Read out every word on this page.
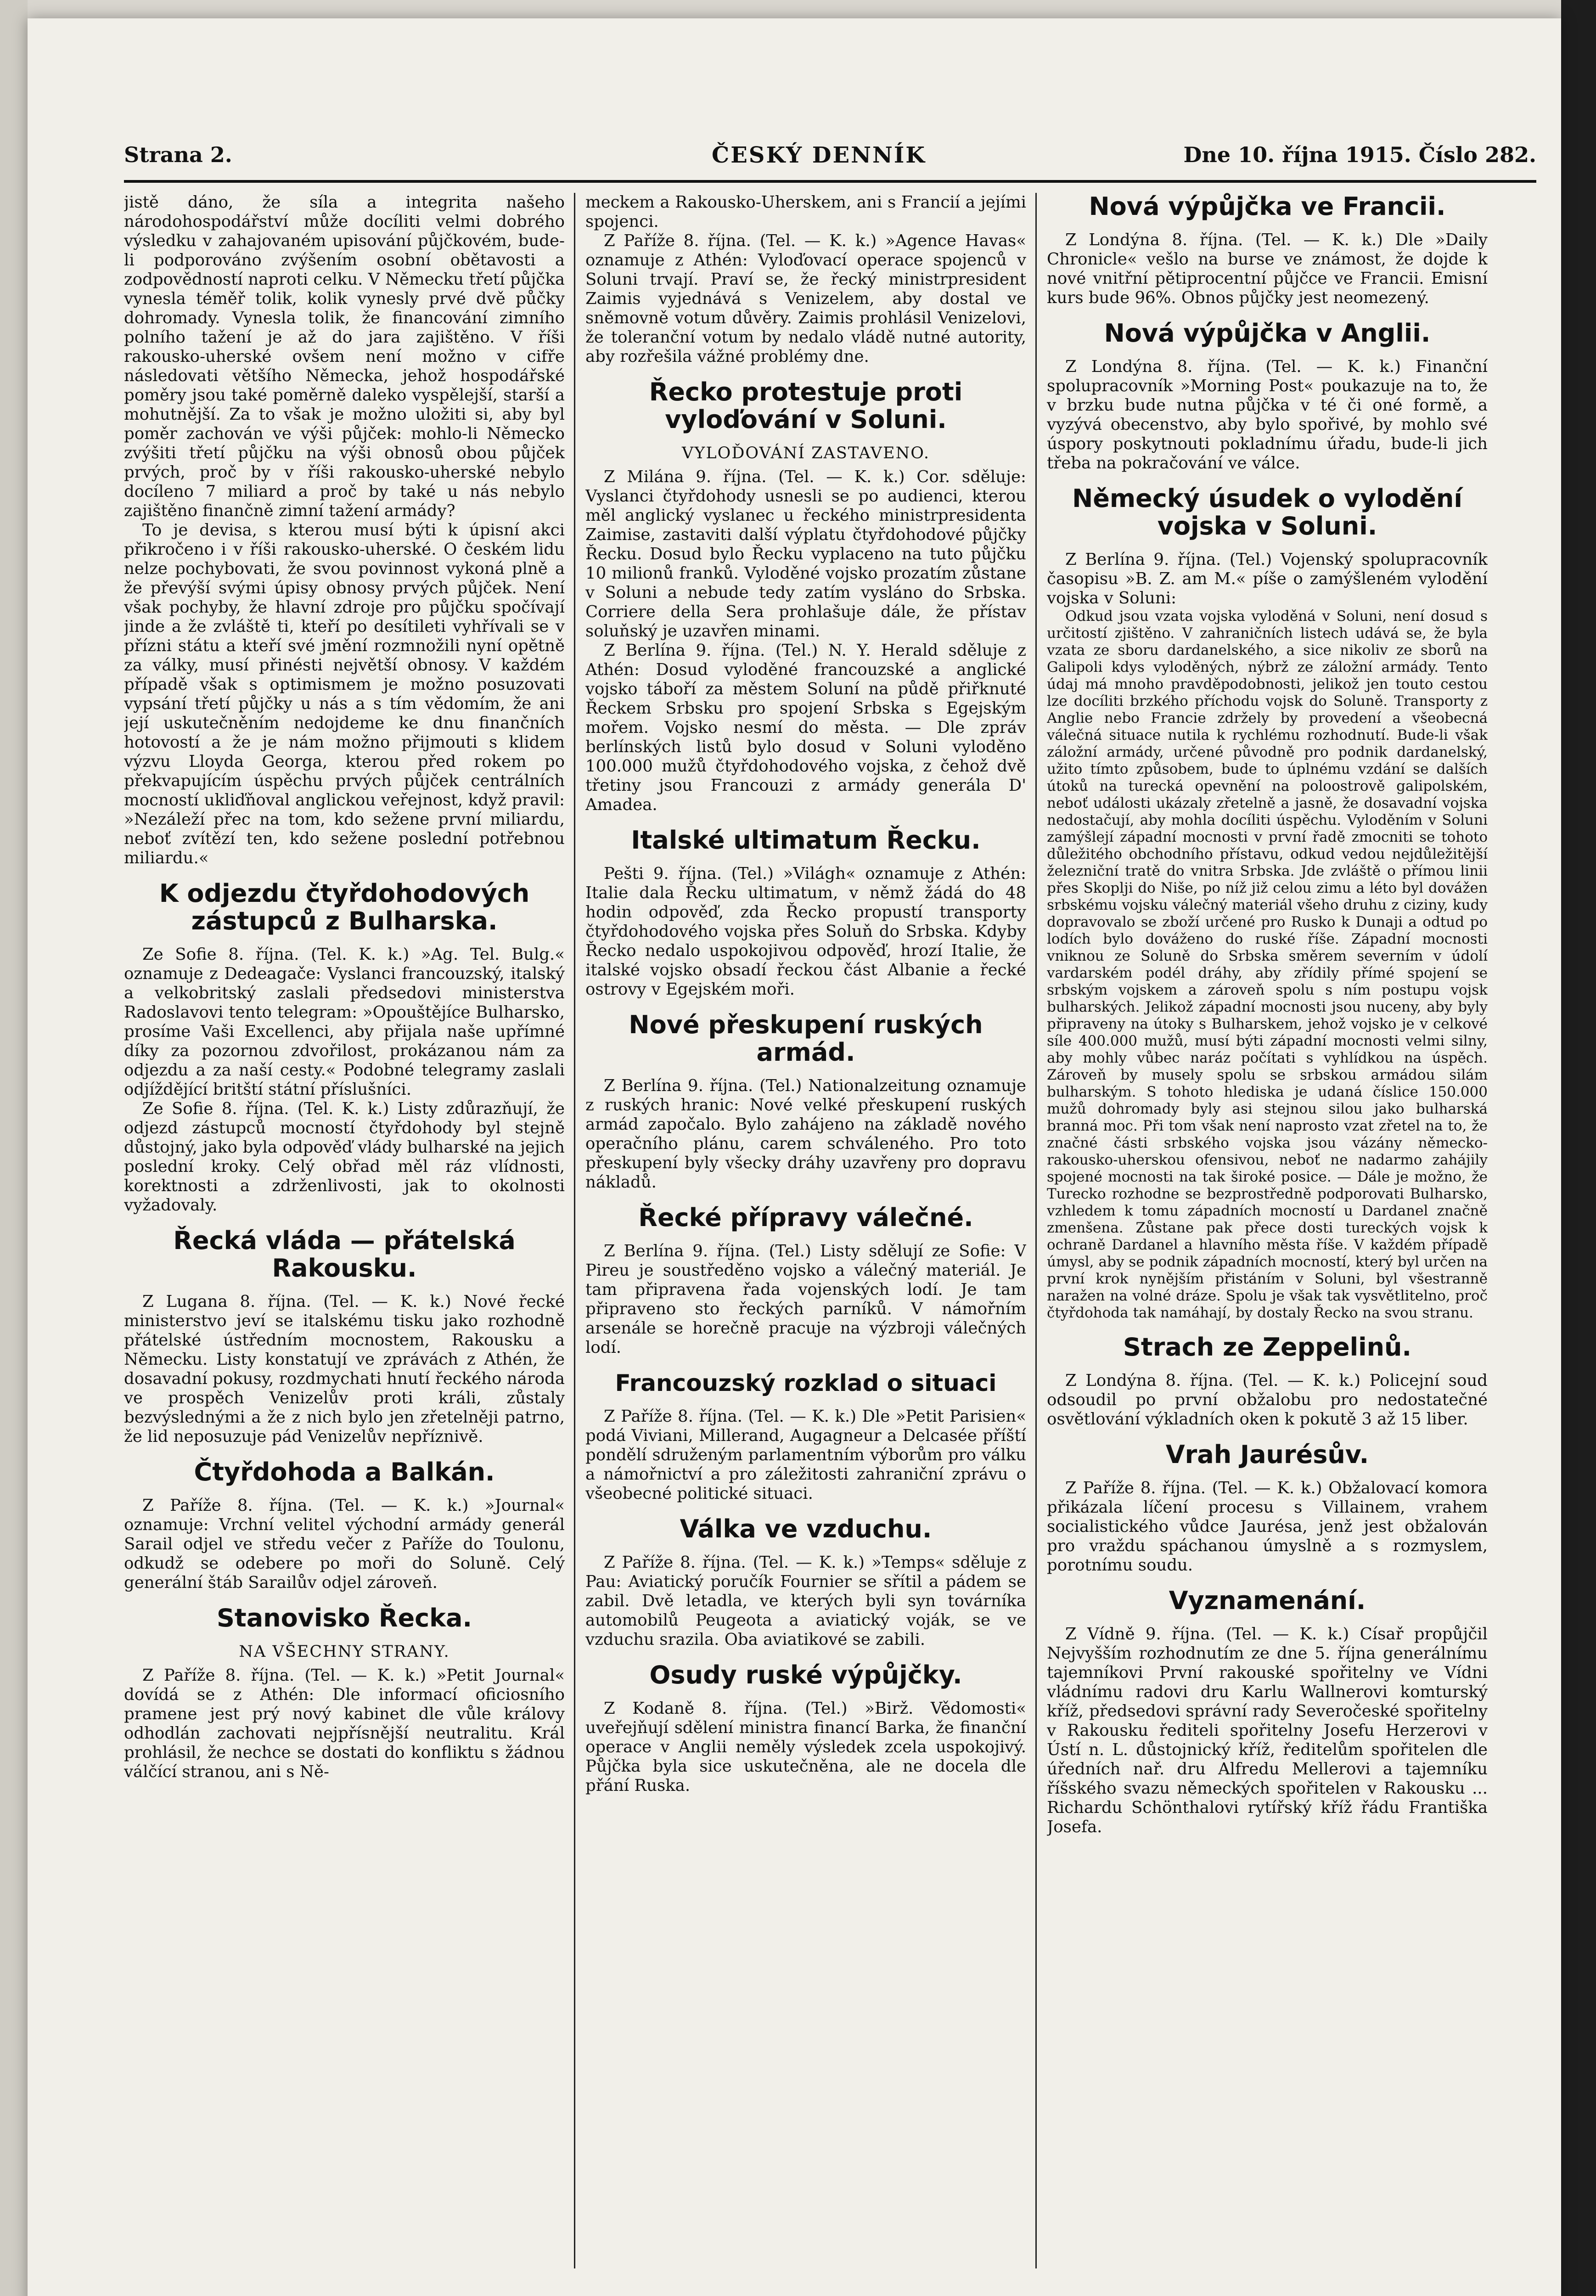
Strana 2.	ČESKÝ DENNÍK	Dne 10. října 1915. Číslo 282.

jistě dáno, že síla a integrita našeho národohospodářství může docíliti velmi dobrého výsledku v zahajovaném upisování půjčkovém, bude-li podporováno zvýšením osobní obětavosti a zodpovědností naproti celku. V Německu třetí půjčka vynesla téměř tolik, kolik vynesly prvé dvě půčky dohromady. Vynesla tolik, že financování zimního polního tažení je až do jara zajištěno. V říši rakousko-uherské ovšem není možno v cifře následovati většího Německa, jehož hospodářské poměry jsou také poměrně daleko vyspělejší, starší a mohutnější. Za to však je možno uložiti si, aby byl poměr zachován ve výši půjček: mohlo-li Německo zvýšiti třetí půjčku na výši obnosů obou půjček prvých, proč by v říši rakousko-uherské nebylo docíleno 7 miliard a proč by také u nás nebylo zajištěno finančně zimní tažení armády?

To je devisa, s kterou musí býti k úpisní akci přikročeno i v říši rakousko-uherské. O českém lidu nelze pochybovati, že svou povinnost vykoná plně a že převýší svými úpisy obnosy prvých půjček. Není však pochyby, že hlavní zdroje pro půjčku spočívají jinde a že zvláště ti, kteří po desítileti vyhřívali se v přízni státu a kteří své jmění rozmnožili nyní opětně za války, musí přinésti největší obnosy. V každém případě však s optimismem je možno posuzovati vypsání třetí půjčky u nás a s tím vědomím, že ani její uskutečněním nedojdeme ke dnu finančních hotovostí a že je nám možno přijmouti s klidem výzvu Lloyda Georga, kterou před rokem po překvapujícím úspěchu prvých půjček centrálních mocností ukliďňoval anglickou veřejnost, když pravil: »Nezáleží přec na tom, kdo sežene první miliardu, neboť zvítězí ten, kdo sežene poslední potřebnou miliardu.«

K odjezdu čtyřdohodových zástupců z Bulharska.

Ze Sofie 8. října. (Tel. K. k.) »Ag. Tel. Bulg.« oznamuje z Dedeagače: Vyslanci francouzský, italský a velkobritský zaslali předsedovi ministerstva Radoslavovi tento telegram: »Opouštějíce Bulharsko, prosíme Vaši Excellenci, aby přijala naše upřímné díky za pozornou zdvořilost, prokázanou nám za odjezdu a za naší cesty.« Podobné telegramy zaslali odjíždějící britští státní příslušníci.

Ze Sofie 8. října. (Tel. K. k.) Listy zdůrazňují, že odjezd zástupců mocností čtyřdohody byl stejně důstojný, jako byla odpověď vlády bulharské na jejich poslední kroky. Celý obřad měl ráz vlídnosti, korektnosti a zdrženlivosti, jak to okolnosti vyžadovaly.

Řecká vláda — přátelská Rakousku.

Z Lugana 8. října. (Tel. — K. k.) Nové řecké ministerstvo jeví se italskému tisku jako rozhodně přátelské ústředním mocnostem, Rakousku a Německu. Listy konstatují ve zprávách z Athén, že dosavadní pokusy, rozdmychati hnutí řeckého národa ve prospěch Venizelův proti králi, zůstaly bezvýslednými a že z nich bylo jen zřetelněji patrno, že lid neposuzuje pád Venizelův nepříznivě.

Čtyřdohoda a Balkán.

Z Paříže 8. října. (Tel. — K. k.) »Journal« oznamuje: Vrchní velitel východní armády generál Sarail odjel ve středu večer z Paříže do Toulonu, odkudž se odebere po moři do Soluně. Celý generální štáb Sarailův odjel zároveň.

Stanovisko Řecka.
NA VŠECHNY STRANY.

Z Paříže 8. října. (Tel. — K. k.) »Petit Journal« dovídá se z Athén: Dle informací oficiosního pramene jest prý nový kabinet dle vůle královy odhodlán zachovati nejpřísnější neutralitu. Král prohlásil, že nechce se dostati do konfliktu s žádnou válčící stranou, ani s Ně-

meckem a Rakousko-Uherskem, ani s Francií a jejími spojenci.

Z Paříže 8. října. (Tel. — K. k.) »Agence Havas« oznamuje z Athén: Vyloďovací operace spojenců v Soluni trvají. Praví se, že řecký ministrpresident Zaimis vyjednává s Venizelem, aby dostal ve sněmovně votum důvěry. Zaimis prohlásil Venizelovi, že toleranční votum by nedalo vládě nutné autority, aby rozřešila vážné problémy dne.

Řecko protestuje proti vyloďování v Soluni.
VYLOĎOVÁNÍ ZASTAVENO.

Z Milána 9. října. (Tel. — K. k.) Cor. sděluje: Vyslanci čtyřdohody usnesli se po audienci, kterou měl anglický vyslanec u řeckého ministrpresidenta Zaimise, zastaviti další výplatu čtyřdohodové půjčky Řecku. Dosud bylo Řecku vyplaceno na tuto půjčku 10 milionů franků. Vyloděné vojsko prozatím zůstane v Soluni a nebude tedy zatím vysláno do Srbska. Corriere della Sera prohlašuje dále, že přístav soluňský je uzavřen minami.

Z Berlína 9. října. (Tel.) N. Y. Herald sděluje z Athén: Dosud vyloděné francouzské a anglické vojsko táboří za městem Soluní na půdě přiřknuté Řeckem Srbsku pro spojení Srbska s Egejským mořem. Vojsko nesmí do města. — Dle zpráv berlínských listů bylo dosud v Soluni vyloděno 100.000 mužů čtyřdohodového vojska, z čehož dvě třetiny jsou Francouzi z armády generála D' Amadea.

Italské ultimatum Řecku.

Pešti 9. října. (Tel.) »Világh« oznamuje z Athén: Italie dala Řecku ultimatum, v němž žádá do 48 hodin odpověď, zda Řecko propustí transporty čtyřdohodového vojska přes Soluň do Srbska. Kdyby Řecko nedalo uspokojivou odpověď, hrozí Italie, že italské vojsko obsadí řeckou část Albanie a řecké ostrovy v Egejském moři.

Nové přeskupení ruských armád.

Z Berlína 9. října. (Tel.) Nationalzeitung oznamuje z ruských hranic: Nové velké přeskupení ruských armád započalo. Bylo zahájeno na základě nového operačního plánu, carem schváleného. Pro toto přeskupení byly všecky dráhy uzavřeny pro dopravu nákladů.

Řecké přípravy válečné.

Z Berlína 9. října. (Tel.) Listy sdělují ze Sofie: V Pireu je soustředěno vojsko a válečný materiál. Je tam připravena řada vojenských lodí. Je tam připraveno sto řeckých parníků. V námořním arsenále se horečně pracuje na výzbroji válečných lodí.

Francouzský rozklad o situaci

Z Paříže 8. října. (Tel. — K. k.) Dle »Petit Parisien« podá Viviani, Millerand, Augagneur a Delcasée příští pondělí sdruženým parlamentním výborům pro válku a námořnictví a pro záležitosti zahraniční zprávu o všeobecné politické situaci.

Válka ve vzduchu.

Z Paříže 8. října. (Tel. — K. k.) »Temps« sděluje z Pau: Aviatický poručík Fournier se sřítil a pádem se zabil. Dvě letadla, ve kterých byli syn továrníka automobilů Peugeota a aviatický voják, se ve vzduchu srazila. Oba aviatikové se zabili.

Osudy ruské výpůjčky.

Z Kodaně 8. října. (Tel.) »Birž. Vědomosti« uveřejňují sdělení ministra financí Barka, že finanční operace v Anglii neměly výsledek zcela uspokojivý. Půjčka byla sice uskutečněna, ale ne docela dle přání Ruska.

Nová výpůjčka ve Francii.

Z Londýna 8. října. (Tel. — K. k.) Dle »Daily Chronicle« vešlo na burse ve známost, že dojde k nové vnitřní pětiprocentní půjčce ve Francii. Emisní kurs bude 96%. Obnos půjčky jest neomezený.

Nová výpůjčka v Anglii.

Z Londýna 8. října. (Tel. — K. k.) Finanční spolupracovník »Morning Post« poukazuje na to, že v brzku bude nutna půjčka v té či oné formě, a vyzývá obecenstvo, aby bylo spořivé, by mohlo své úspory poskytnouti pokladnímu úřadu, bude-li jich třeba na pokračování ve válce.

Německý úsudek o vylodění vojska v Soluni.

Z Berlína 9. října. (Tel.) Vojenský spolupracovník časopisu »B. Z. am M.« píše o zamýšleném vylodění vojska v Soluni:

Odkud jsou vzata vojska vyloděná v Soluni, není dosud s určitostí zjištěno. V zahraničních listech udává se, že byla vzata ze sboru dardanelského, a sice nikoliv ze sborů na Galipoli kdys vyloděných, nýbrž ze záložní armády. Tento údaj má mnoho pravděpodobnosti, jelikož jen touto cestou lze docíliti brzkého příchodu vojsk do Soluně. Transporty z Anglie nebo Francie zdržely by provedení a všeobecná válečná situace nutila k rychlému rozhodnutí. Bude-li však záložní armády, určené původně pro podnik dardanelský, užito tímto způsobem, bude to úplnému vzdání se dalších útoků na turecká opevnění na poloostrově galipolském, neboť události ukázaly zřetelně a jasně, že dosavadní vojska nedostačují, aby mohla docíliti úspěchu. Vyloděním v Soluni zamýšlejí západní mocnosti v první řadě zmocniti se tohoto důležitého obchodního přístavu, odkud vedou nejdůležitější železniční tratě do vnitra Srbska. Jde zvláště o přímou linii přes Skoplji do Niše, po níž již celou zimu a léto byl dovážen srbskému vojsku válečný materiál všeho druhu z ciziny, kudy dopravovalo se zboží určené pro Rusko k Dunaji a odtud po lodích bylo dováženo do ruské říše. Západní mocnosti vniknou ze Soluně do Srbska směrem severním v údolí vardarském podél dráhy, aby zřídily přímé spojení se srbským vojskem a zároveň spolu s ním postupu vojsk bulharských. Jelikož západní mocnosti jsou nuceny, aby byly připraveny na útoky s Bulharskem, jehož vojsko je v celkové síle 400.000 mužů, musí býti západní mocnosti velmi silny, aby mohly vůbec naráz počítati s vyhlídkou na úspěch. Zároveň by musely spolu se srbskou armádou silám bulharským. S tohoto hlediska je udaná číslice 150.000 mužů dohromady byly asi stejnou silou jako bulharská branná moc. Při tom však není naprosto vzat zřetel na to, že značné části srbského vojska jsou vázány německo-rakousko-uherskou ofensivou, neboť ne nadarmo zahájily spojené mocnosti na tak široké posice. — Dále je možno, že Turecko rozhodne se bezprostředně podporovati Bulharsko, vzhledem k tomu západních mocností u Dardanel značně zmenšena. Zůstane pak přece dosti tureckých vojsk k ochraně Dardanel a hlavního města říše. V každém případě úmysl, aby se podnik západních mocností, který byl určen na první krok nynějším přistáním v Soluni, byl všestranně naražen na volné dráze. Spolu je však tak vysvětlitelno, proč čtyřdohoda tak namáhají, by dostaly Řecko na svou stranu.

Strach ze Zeppelinů.

Z Londýna 8. října. (Tel. — K. k.) Policejní soud odsoudil po první obžalobu pro nedostatečné osvětlování výkladních oken k pokutě 3 až 15 liber.

Vrah Jaurésův.

Z Paříže 8. října. (Tel. — K. k.) Obžalovací komora přikázala líčení procesu s Villainem, vrahem socialistického vůdce Jaurésa, jenž jest obžalován pro vraždu spáchanou úmyslně a s rozmyslem, porotnímu soudu.

Vyznamenání.

Z Vídně 9. října. (Tel. — K. k.) Císař propůjčil Nejvyšším rozhodnutím ze dne 5. října generálnímu tajemníkovi První rakouské spořitelny ve Vídni vládnímu radovi dru Karlu Wallnerovi komturský kříž, předsedovi správní rady Severočeské spořitelny v Rakousku řediteli spořitelny Josefu Herzerovi v Ústí n. L. důstojnický kříž, ředitelům spořitelen dle úředních nař. dru Alfredu Mellerovi a tajemníku říšského svazu německých spořitelen v Rakousku ... Richardu Schönthalovi rytířský kříž řádu Františka Josefa.
